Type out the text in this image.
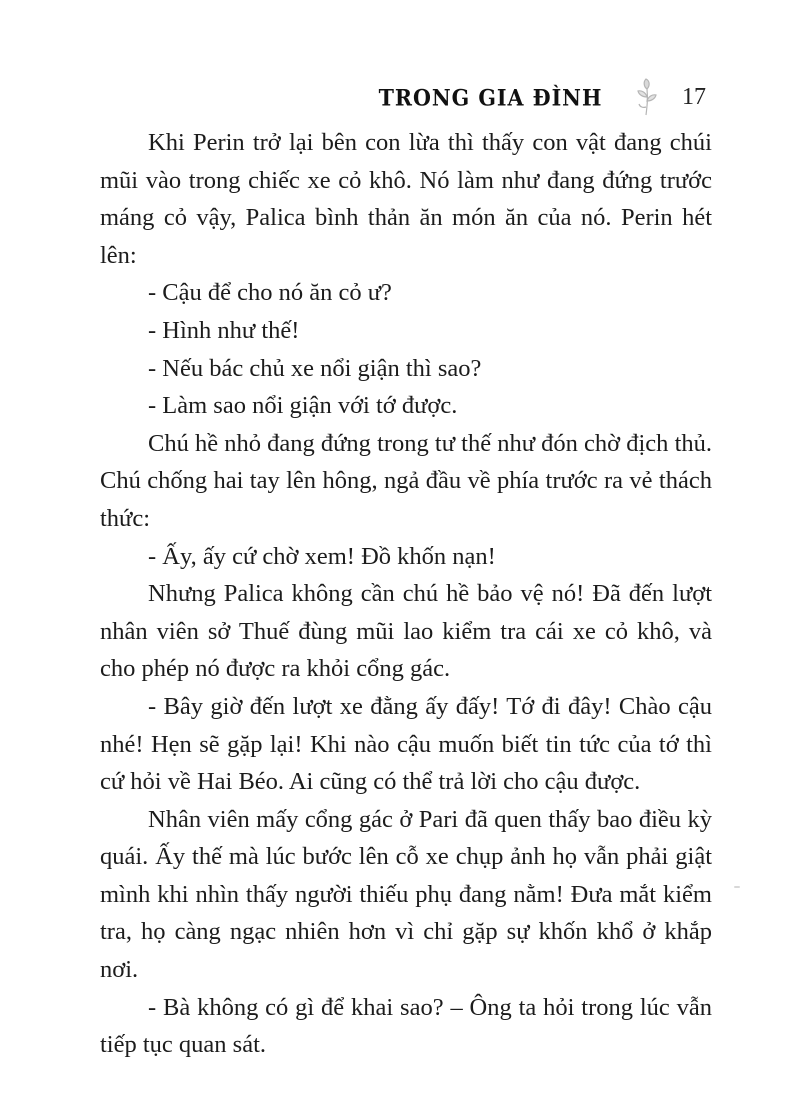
TRONG GIA ĐÌNH	17

Khi Perin trở lại bên con lừa thì thấy con vật đang chúi mũi vào trong chiếc xe cỏ khô. Nó làm như đang đứng trước máng cỏ vậy, Palica bình thản ăn món ăn của nó. Perin hét lên:

- Cậu để cho nó ăn cỏ ư?

- Hình như thế!

- Nếu bác chủ xe nổi giận thì sao?

- Làm sao nổi giận với tớ được.

Chú hề nhỏ đang đứng trong tư thế như đón chờ địch thủ. Chú chống hai tay lên hông, ngả đầu về phía trước ra vẻ thách thức:

- Ấy, ấy cứ chờ xem! Đồ khốn nạn!

Nhưng Palica không cần chú hề bảo vệ nó! Đã đến lượt nhân viên sở Thuế đùng mũi lao kiểm tra cái xe cỏ khô, và cho phép nó được ra khỏi cổng gác.

- Bây giờ đến lượt xe đằng ấy đấy! Tớ đi đây! Chào cậu nhé! Hẹn sẽ gặp lại! Khi nào cậu muốn biết tin tức của tớ thì cứ hỏi về Hai Béo. Ai cũng có thể trả lời cho cậu được.

Nhân viên mấy cổng gác ở Pari đã quen thấy bao điều kỳ quái. Ấy thế mà lúc bước lên cỗ xe chụp ảnh họ vẫn phải giật mình khi nhìn thấy người thiếu phụ đang nằm! Đưa mắt kiểm tra, họ càng ngạc nhiên hơn vì chỉ gặp sự khốn khổ ở khắp nơi.

- Bà không có gì để khai sao? – Ông ta hỏi trong lúc vẫn tiếp tục quan sát.
